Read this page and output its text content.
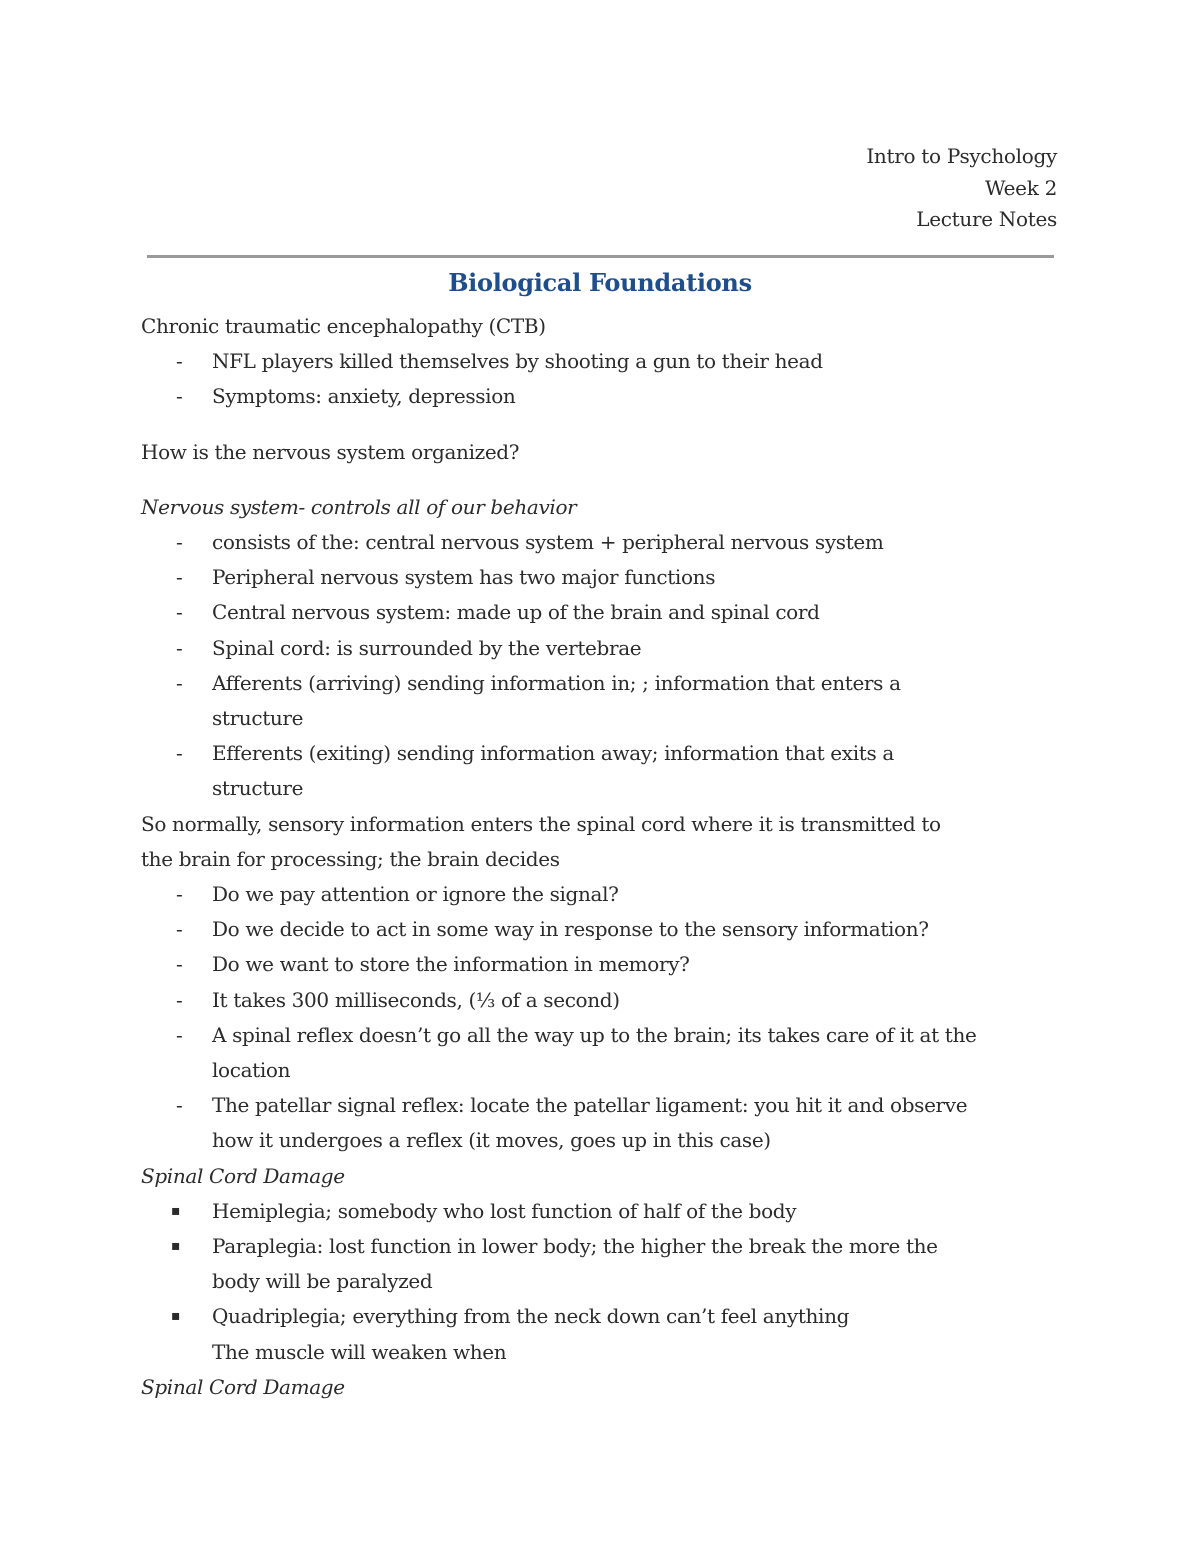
Intro to Psychology
Week 2
Lecture Notes
Biological Foundations

Chronic traumatic encephalopathy (CTB)

- NFL players killed themselves by shooting a gun to their head
- Symptoms: anxiety, depression

How is the nervous system organized?

Nervous system- controls all of our behavior

- consists of the: central nervous system + peripheral nervous system
- Peripheral nervous system has two major functions
- Central nervous system: made up of the brain and spinal cord
- Spinal cord: is surrounded by the vertebrae
- Afferents (arriving) sending information in; ; information that enters a
structure
- Efferents (exiting) sending information away; information that exits a
structure

So normally, sensory information enters the spinal cord where it is transmitted to

the brain for processing; the brain decides

- Do we pay attention or ignore the signal?
- Do we decide to act in some way in response to the sensory information?
- Do we want to store the information in memory?
- It takes 300 milliseconds, (⅓ of a second)
- A spinal reflex doesn’t go all the way up to the brain; its takes care of it at the
location
- The patellar signal reflex: locate the patellar ligament: you hit it and observe
how it undergoes a reflex (it moves, goes up in this case)

Spinal Cord Damage

▪ Hemiplegia; somebody who lost function of half of the body
▪ Paraplegia: lost function in lower body; the higher the break the more the
body will be paralyzed
▪ Quadriplegia; everything from the neck down can’t feel anything
The muscle will weaken when

Spinal Cord Damage
